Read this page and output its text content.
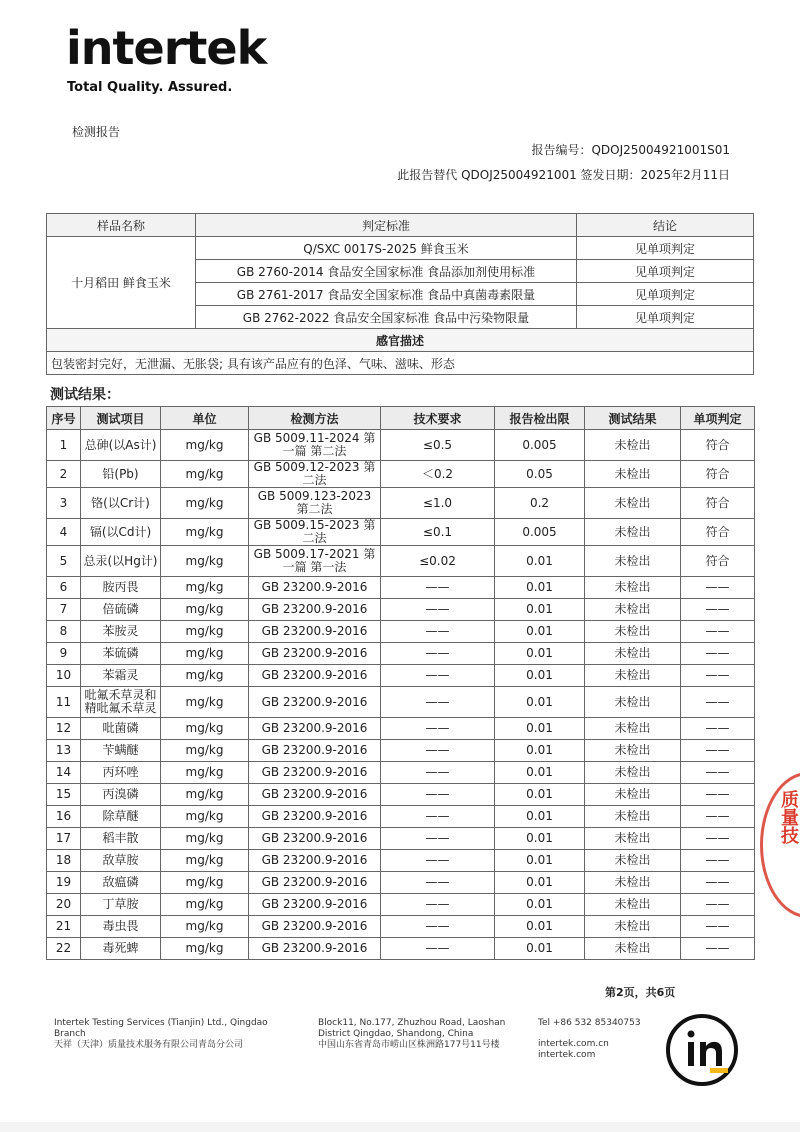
intertek
Total Quality. Assured.
检测报告
报告编号：QDOJ25004921001S01
此报告替代 QDOJ25004921001 签发日期：2025年2月11日
样品名称	判定标准	结论
十月稻田 鲜食玉米	Q/SXC 0017S-2025 鲜食玉米	见单项判定
	GB 2760-2014 食品安全国家标准 食品添加剂使用标准	见单项判定
	GB 2761-2017 食品安全国家标准 食品中真菌毒素限量	见单项判定
	GB 2762-2022 食品安全国家标准 食品中污染物限量	见单项判定
感官描述		
包装密封完好，无泄漏、无胀袋; 具有该产品应有的色泽、气味、滋味、形态		
测试结果：
序号	测试项目	单位	检测方法	技术要求	报告检出限	测试结果	单项判定
1	总砷(以As计)	mg/kg	GB 5009.11-2024 第一篇 第二法	≤0.5	0.005	未检出	符合
2	铅(Pb)	mg/kg	GB 5009.12-2023 第二法	＜0.2	0.05	未检出	符合
3	铬(以Cr计)	mg/kg	GB 5009.123-2023 第二法	≤1.0	0.2	未检出	符合
4	镉(以Cd计)	mg/kg	GB 5009.15-2023 第二法	≤0.1	0.005	未检出	符合
5	总汞(以Hg计)	mg/kg	GB 5009.17-2021 第一篇 第一法	≤0.02	0.01	未检出	符合
6	胺丙畏	mg/kg	GB 23200.9-2016	——	0.01	未检出	——
7	倍硫磷	mg/kg	GB 23200.9-2016	——	0.01	未检出	——
8	苯胺灵	mg/kg	GB 23200.9-2016	——	0.01	未检出	——
9	苯硫磷	mg/kg	GB 23200.9-2016	——	0.01	未检出	——
10	苯霜灵	mg/kg	GB 23200.9-2016	——	0.01	未检出	——
11	吡氟禾草灵和精吡氟禾草灵	mg/kg	GB 23200.9-2016	——	0.01	未检出	——
12	吡菌磷	mg/kg	GB 23200.9-2016	——	0.01	未检出	——
13	苄螨醚	mg/kg	GB 23200.9-2016	——	0.01	未检出	——
14	丙环唑	mg/kg	GB 23200.9-2016	——	0.01	未检出	——
15	丙溴磷	mg/kg	GB 23200.9-2016	——	0.01	未检出	——
16	除草醚	mg/kg	GB 23200.9-2016	——	0.01	未检出	——
17	稻丰散	mg/kg	GB 23200.9-2016	——	0.01	未检出	——
18	敌草胺	mg/kg	GB 23200.9-2016	——	0.01	未检出	——
19	敌瘟磷	mg/kg	GB 23200.9-2016	——	0.01	未检出	——
20	丁草胺	mg/kg	GB 23200.9-2016	——	0.01	未检出	——
21	毒虫畏	mg/kg	GB 23200.9-2016	——	0.01	未检出	——
22	毒死蜱	mg/kg	GB 23200.9-2016	——	0.01	未检出	——
第2页，共6页
Intertek Testing Services (Tianjin) Ltd., Qingdao Branch
天祥（天津）质量技术服务有限公司青岛分公司
Block11, No.177, Zhuzhou Road, Laoshan District Qingdao, Shandong, China
中国山东省青岛市崂山区株洲路177号11号楼
Tel +86 532 85340753
intertek.com.cn
intertek.com
质量技
